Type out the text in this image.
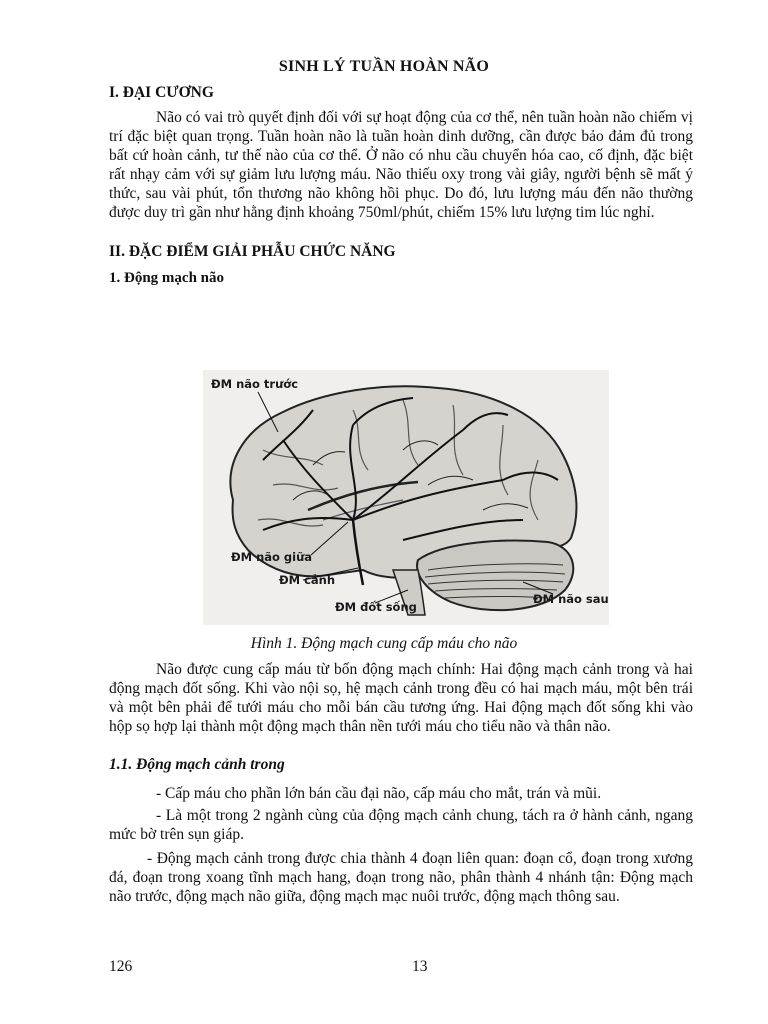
SINH LÝ TUẦN HOÀN NÃO
I. ĐẠI CƯƠNG
Não có vai trò quyết định đối với sự hoạt động của cơ thể, nên tuần hoàn não chiếm vị trí đặc biệt quan trọng. Tuần hoàn não là tuần hoàn dinh dưỡng, cần được bảo đảm đủ trong bất cứ hoàn cảnh, tư thế nào của cơ thể. Ở não có nhu cầu chuyển hóa cao, cố định, đặc biệt rất nhạy cảm với sự giảm lưu lượng máu. Não thiếu oxy trong vài giây, người bệnh sẽ mất ý thức, sau vài phút, tổn thương não không hồi phục. Do đó, lưu lượng máu đến não thường được duy trì gần như hằng định khoảng 750ml/phút, chiếm 15% lưu lượng tim lúc nghỉ.
II. ĐẶC ĐIỂM GIẢI PHẪU CHỨC NĂNG
1. Động mạch não
ĐM não trước
ĐM não giữa
ĐM cảnh
ĐM đốt sống
ĐM não sau
Hình 1. Động mạch cung cấp máu cho não
Não được cung cấp máu từ bốn động mạch chính: Hai động mạch cảnh trong và hai động mạch đốt sống. Khi vào nội sọ, hệ mạch cảnh trong đều có hai mạch máu, một bên trái và một bên phải để tưới máu cho mỗi bán cầu tương ứng. Hai động mạch đốt sống khi vào hộp sọ hợp lại thành một động mạch thân nền tưới máu cho tiểu não và thân não.
1.1. Động mạch cảnh trong
- Cấp máu cho phần lớn bán cầu đại não, cấp máu cho mắt, trán và mũi.
- Là một trong 2 ngành cùng của động mạch cảnh chung, tách ra ở hành cảnh, ngang mức bờ trên sụn giáp.
- Động mạch cảnh trong được chia thành 4 đoạn liên quan: đoạn cổ, đoạn trong xương đá, đoạn trong xoang tĩnh mạch hang, đoạn trong não, phân thành 4 nhánh tận: Động mạch não trước, động mạch não giữa, động mạch mạc nuôi trước, động mạch thông sau.
126	13
